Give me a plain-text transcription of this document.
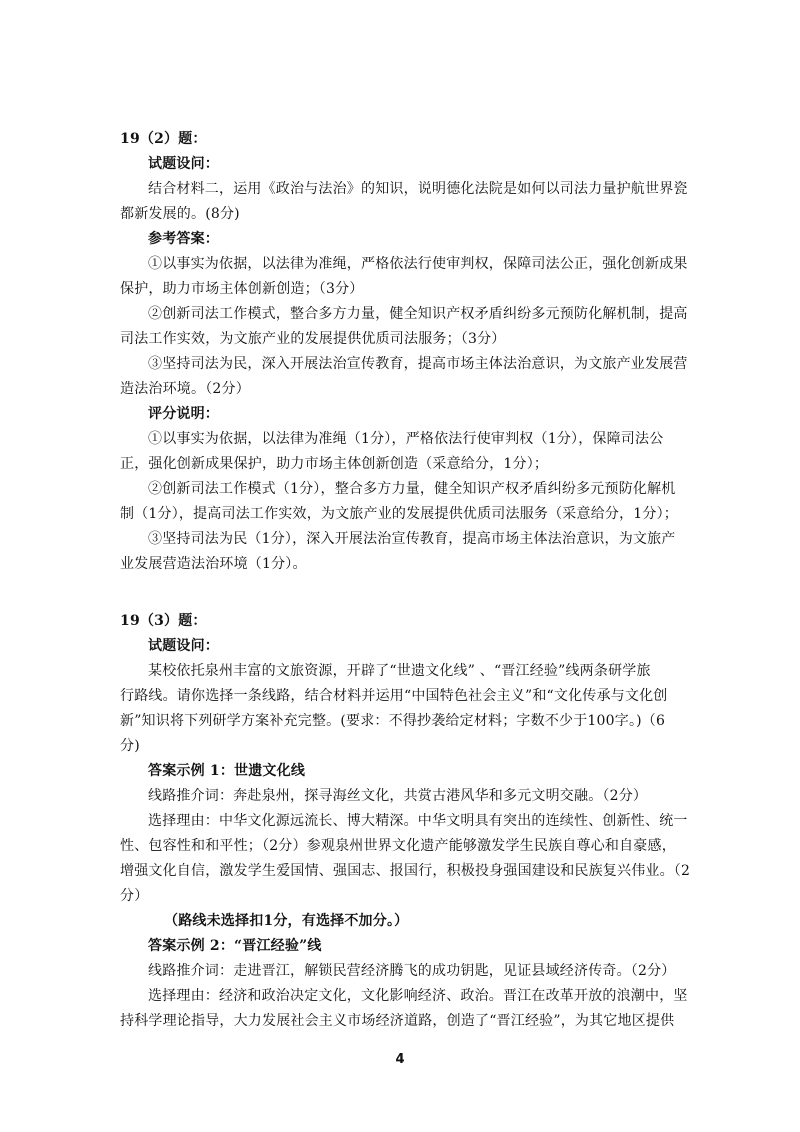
19（2）题：
试题设问：
结合材料二，运用《政治与法治》的知识，说明德化法院是如何以司法力量护航世界瓷
都新发展的。(8分)
参考答案：
①以事实为依据，以法律为准绳，严格依法行使审判权，保障司法公正，强化创新成果
保护，助力市场主体创新创造；（3分）
②创新司法工作模式，整合多方力量，健全知识产权矛盾纠纷多元预防化解机制，提高
司法工作实效，为文旅产业的发展提供优质司法服务；（3分）
③坚持司法为民，深入开展法治宣传教育，提高市场主体法治意识，为文旅产业发展营
造法治环境。（2分）
评分说明：
①以事实为依据，以法律为准绳（1分），严格依法行使审判权（1分），保障司法公
正，强化创新成果保护，助力市场主体创新创造（采意给分，1分）；
②创新司法工作模式（1分），整合多方力量，健全知识产权矛盾纠纷多元预防化解机
制（1分），提高司法工作实效，为文旅产业的发展提供优质司法服务（采意给分，1分）；
③坚持司法为民（1分），深入开展法治宣传教育，提高市场主体法治意识，为文旅产
业发展营造法治环境（1分）。
19（3）题：
试题设问：
某校依托泉州丰富的文旅资源，开辟了“世遗文化线” 、“晋江经验”线两条研学旅
行路线。请你选择一条线路，结合材料并运用“中国特色社会主义”和“文化传承与文化创
新”知识将下列研学方案补充完整。(要求：不得抄袭给定材料；字数不少于100字。)（6
分)
答案示例 1：世遗文化线
线路推介词：奔赴泉州，探寻海丝文化，共赏古港风华和多元文明交融。（2分）
选择理由：中华文化源远流长、博大精深。中华文明具有突出的连续性、创新性、统一
性、包容性和和平性；（2分）参观泉州世界文化遗产能够激发学生民族自尊心和自豪感，
增强文化自信，激发学生爱国情、强国志、报国行，积极投身强国建设和民族复兴伟业。（2
分）
（路线未选择扣1分，有选择不加分。）
答案示例 2：“晋江经验”线
线路推介词：走进晋江，解锁民营经济腾飞的成功钥匙，见证县域经济传奇。（2分）
选择理由：经济和政治决定文化，文化影响经济、政治。晋江在改革开放的浪潮中，坚
持科学理论指导，大力发展社会主义市场经济道路，创造了“晋江经验”，为其它地区提供
4
